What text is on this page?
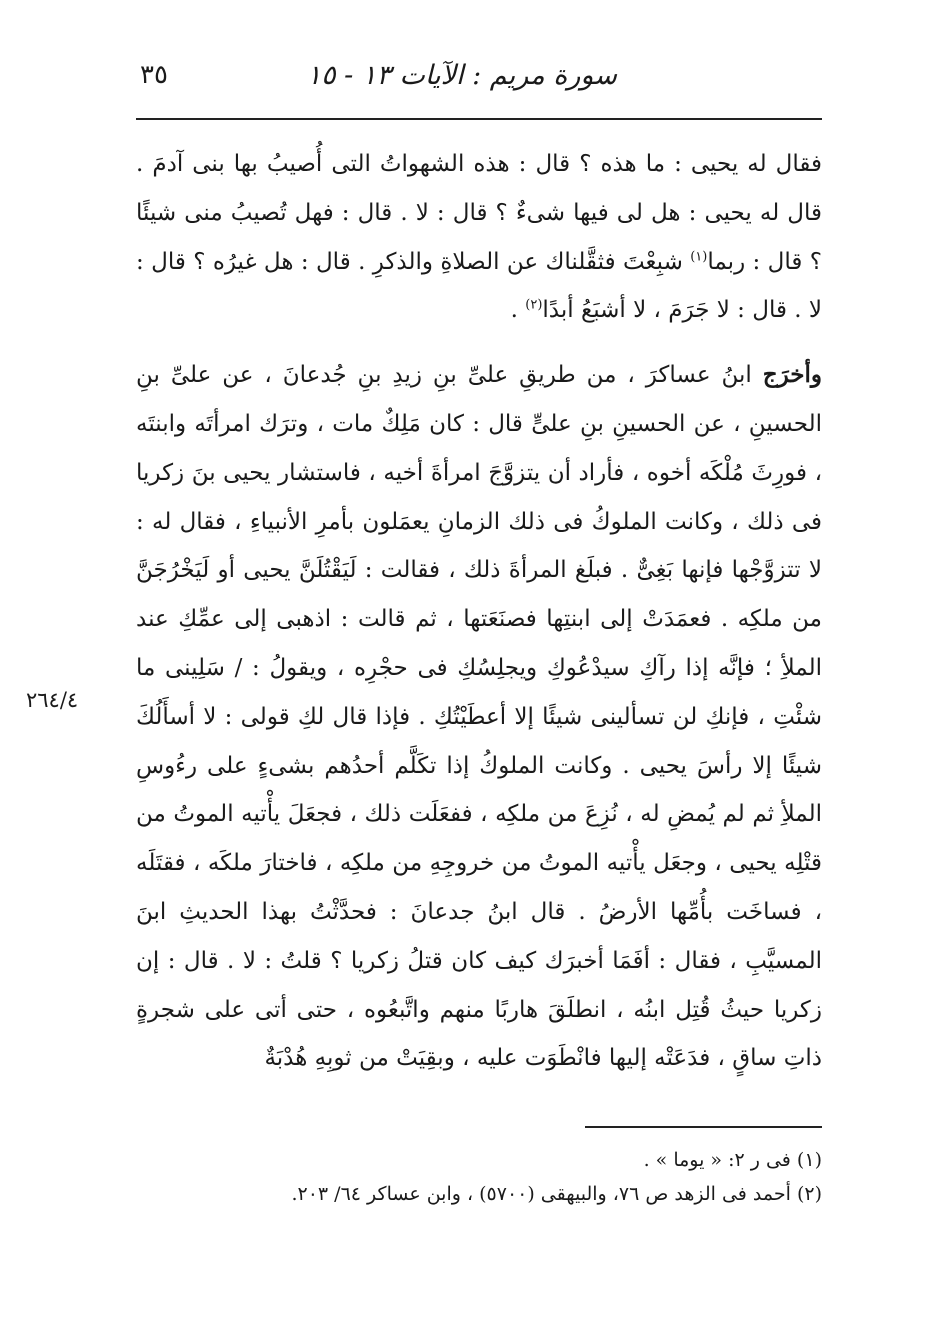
سورة مريم : الآيات ١٣ - ١٥
٣٥
٢٦٤/٤

فقال له يحيى : ما هذه ؟ قال : هذه الشهواتُ التى أُصيبُ بها بنى آدمَ . قال له يحيى : هل لى فيها شىءٌ ؟ قال : لا . قال : فهل تُصيبُ منى شيئًا ؟ قال : ربما$^{(١)}$ شبِعْتَ فثقَّلناك عن الصلاةِ والذكرِ . قال : هل غيرُه ؟ قال : لا . قال : لا جَرَمَ ، لا أشبَعُ أبدًا$^{(٢)}$ .

وأخرَج ابنُ عساكرَ ، من طريقِ علىِّ بنِ زيدِ بنِ جُدعانَ ، عن علىِّ بنِ الحسينِ ، عن الحسينِ بنِ علىٍّ قال : كان مَلِكٌ مات ، وترَك امرأتَه وابنتَه ، فورِثَ مُلْكَه أخوه ، فأراد أن يتزوَّجَ امرأةَ أخيه ، فاستشار يحيى بنَ زكريا فى ذلك ، وكانت الملوكُ فى ذلك الزمانِ يعمَلون بأمرِ الأنبياءِ ، فقال له : لا تتزوَّجْها فإنها بَغِىٌّ . فبلَغ المرأةَ ذلك ، فقالت : لَيَقْتُلَنَّ يحيى أو لَيَخْرُجَنَّ من ملكِه . فعمَدَتْ إلى ابنتِها فصنَعَتها ، ثم قالت : اذهبى إلى عمِّكِ عند الملأِ ؛ فإنَّه إذا رآكِ سيدْعُوكِ ويجلِسُكِ فى حجْرِه ، ويقولُ : / سَلِينى ما شئْتِ ، فإنكِ لن تسألينى شيئًا إلا أعطَيْتُكِ . فإذا قال لكِ قولى : لا أسأَلُكَ شيئًا إلا رأسَ يحيى . وكانت الملوكُ إذا تكَلَّم أحدُهم بشىءٍ على رءُوسِ الملأِ ثم لم يُمضِ له ، نُزِعَ من ملكِه ، ففعَلَت ذلك ، فجعَلَ يأْتيه الموتُ من قتْلِه يحيى ، وجعَل يأْتيه الموتُ من خروجِهِ من ملكِه ، فاختارَ ملكَه ، فقتَلَه ، فساخَت بأُمِّها الأرضُ . قال ابنُ جدعانَ : فحدَّثْتُ بهذا الحديثِ ابنَ المسيَّبِ ، فقال : أفَمَا أخبرَك كيف كان قتلُ زكريا ؟ قلتُ : لا . قال : إن زكريا حيثُ قُتِل ابنُه ، انطلَقَ هاربًا منهم واتَّبعُوه ، حتى أتى على شجرةٍ ذاتِ ساقٍ ، فدَعَتْه إليها فانْطَوَت عليه ، وبقِيَتْ من ثوبِهِ هُدْبَةٌ

(١) فى ر ٢: « يوما » .

(٢) أحمد فى الزهد ص ٧٦، والبيهقى (٥٧٠٠) ، وابن عساكر ٦٤/ ٢٠٣.
